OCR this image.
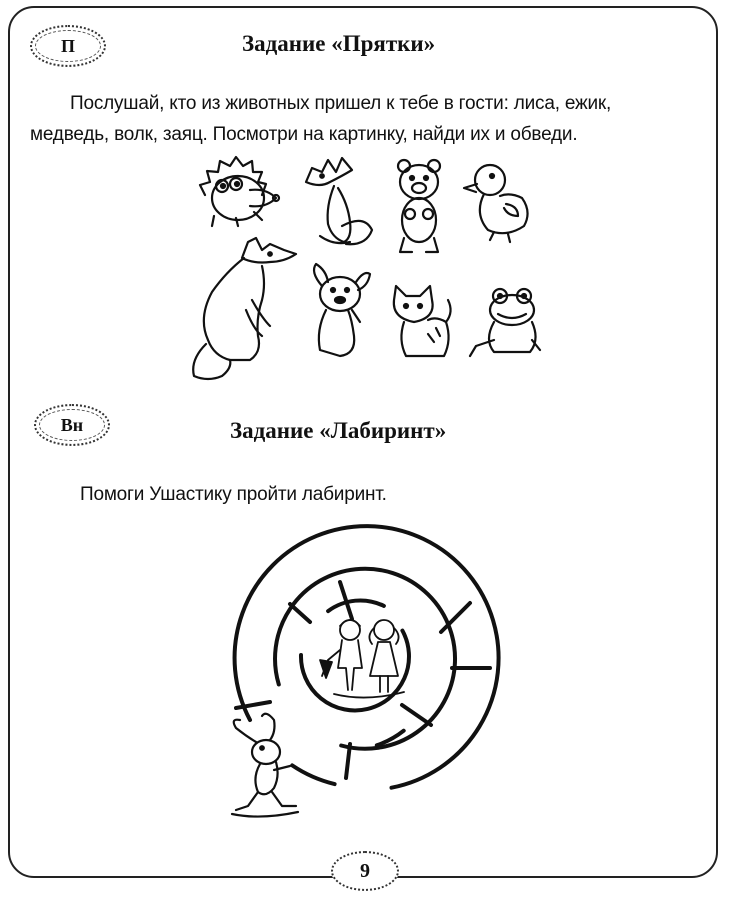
П	Задание «Прятки»
Послушай, кто из животных пришел к тебе в гости: лиса, ежик,
медведь, волк, заяц. Посмотри на картинку, найди их и обведи.
Вн	Задание «Лабиринт»
Помоги Ушастику пройти лабиринт.
9
